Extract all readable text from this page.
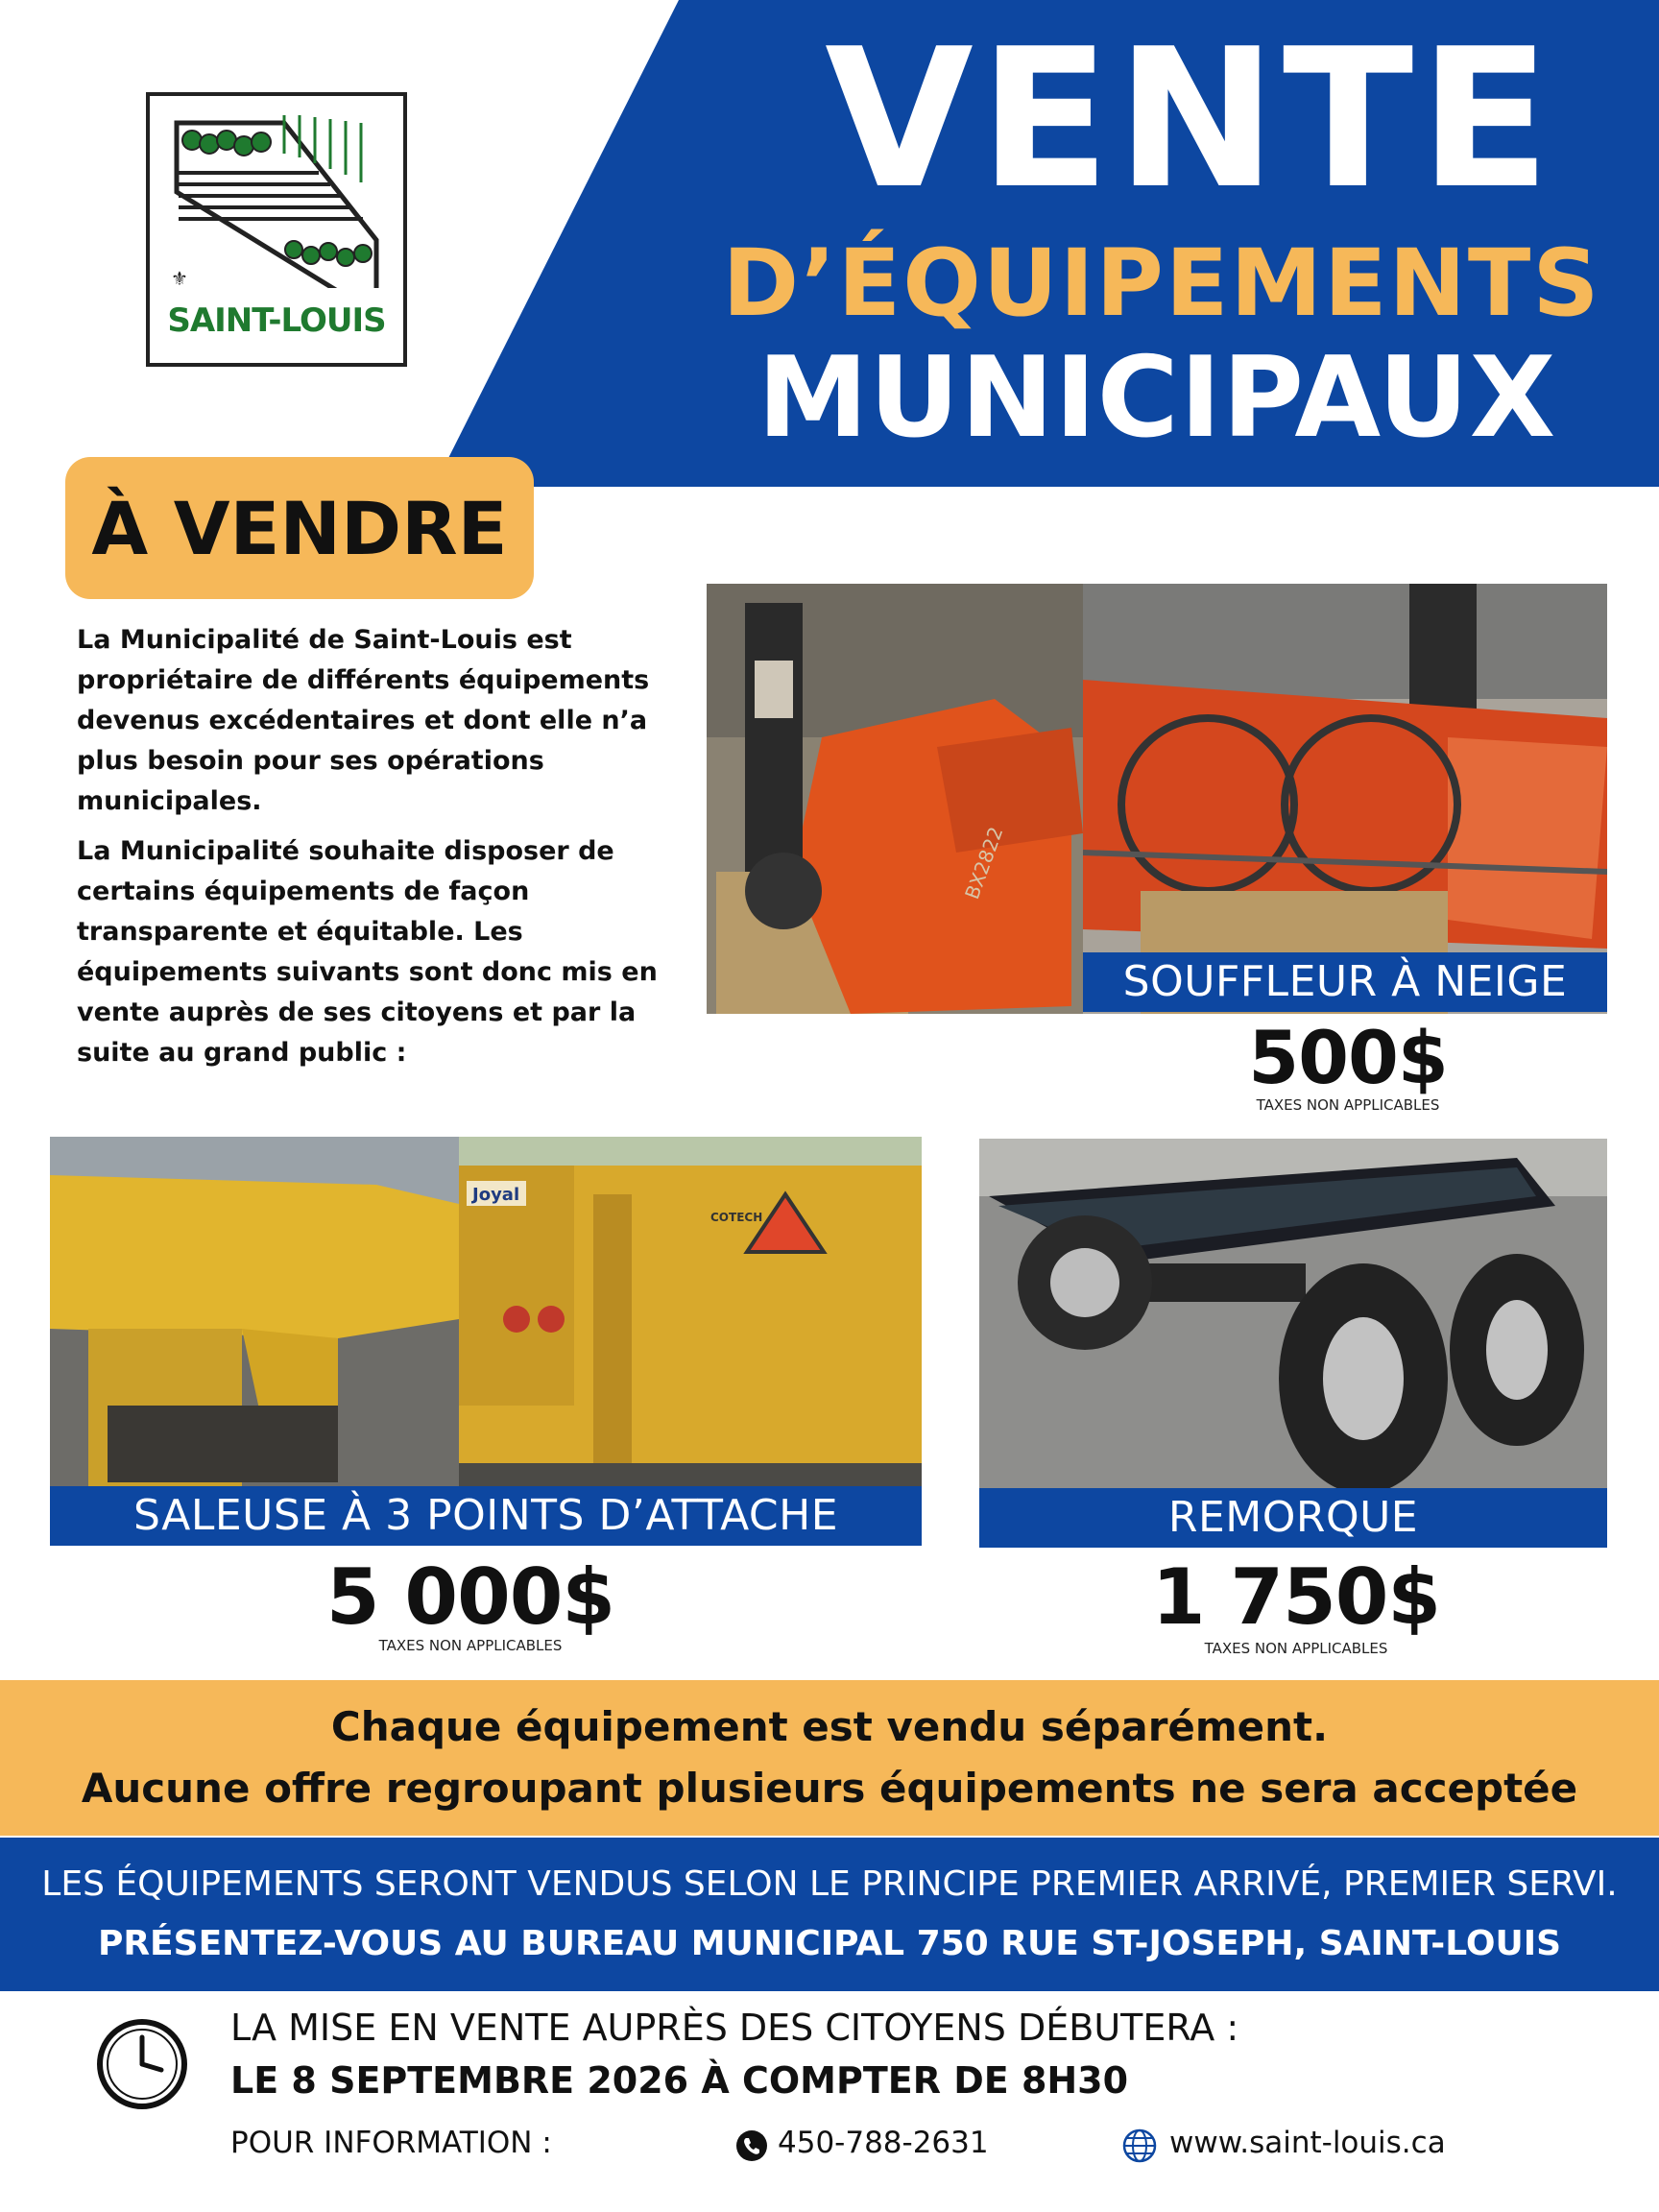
VENTE
D’ÉQUIPEMENTS
MUNICIPAUX
⚜
SAINT-LOUIS
À VENDRE

La Municipalité de Saint-Louis est propriétaire de différents équipements devenus excédentaires et dont elle n’a plus besoin pour ses opérations municipales.

La Municipalité souhaite disposer de certains équipements de façon transparente et équitable. Les équipements suivants sont donc mis en vente auprès de ses citoyens et par la suite au grand public :

BX2822
SOUFFLEUR À NEIGE
500$
TAXES NON APPLICABLES
Joyal
COTECH
SALEUSE À 3 POINTS D’ATTACHE
5 000$
TAXES NON APPLICABLES
REMORQUE
1 750$
TAXES NON APPLICABLES
Chaque équipement est vendu séparément.
Aucune offre regroupant plusieurs équipements ne sera acceptée
LES ÉQUIPEMENTS SERONT VENDUS SELON LE PRINCIPE PREMIER ARRIVÉ, PREMIER SERVI.
PRÉSENTEZ-VOUS AU BUREAU MUNICIPAL 750 RUE ST-JOSEPH, SAINT-LOUIS
LA MISE EN VENTE AUPRÈS DES CITOYENS DÉBUTERA :
LE 8 SEPTEMBRE 2026 À COMPTER DE 8H30
POUR INFORMATION :	450-788-2631	www.saint-louis.ca
